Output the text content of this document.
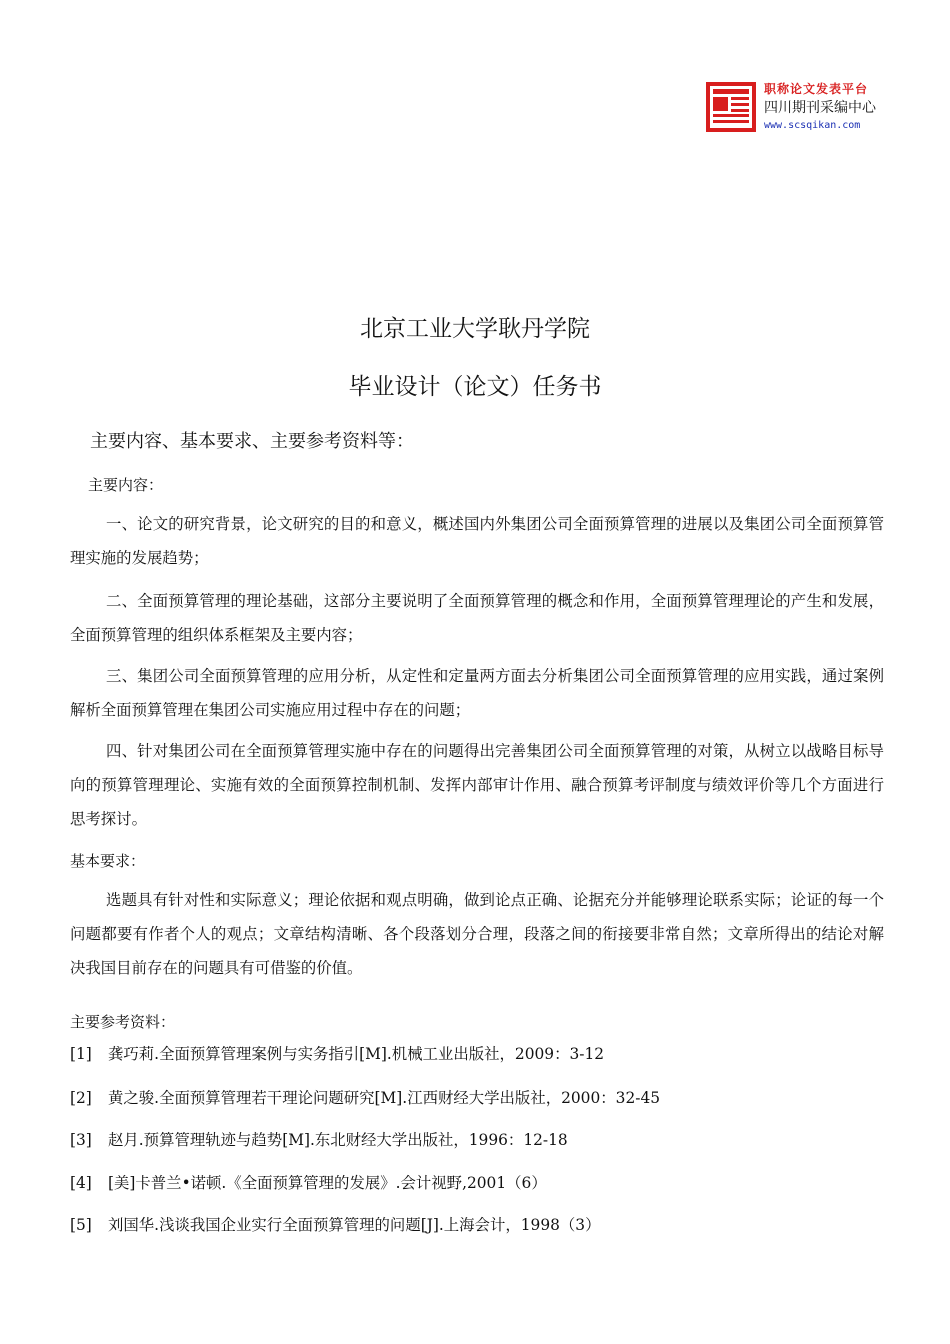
职称论文发表平台
四川期刊采编中心
www.scsqikan.com
北京工业大学耿丹学院
毕业设计（论文）任务书
主要内容、基本要求、主要参考资料等：
主要内容：

一、论文的研究背景，论文研究的目的和意义，概述国内外集团公司全面预算管理的进展以及集团公司全面预算管理实施的发展趋势；

二、全面预算管理的理论基础，这部分主要说明了全面预算管理的概念和作用，全面预算管理理论的产生和发展，全面预算管理的组织体系框架及主要内容；

三、集团公司全面预算管理的应用分析，从定性和定量两方面去分析集团公司全面预算管理的应用实践，通过案例解析全面预算管理在集团公司实施应用过程中存在的问题；

四、针对集团公司在全面预算管理实施中存在的问题得出完善集团公司全面预算管理的对策，从树立以战略目标导向的预算管理理论、实施有效的全面预算控制机制、发挥内部审计作用、融合预算考评制度与绩效评价等几个方面进行思考探讨。

基本要求：

选题具有针对性和实际意义；理论依据和观点明确，做到论点正确、论据充分并能够理论联系实际；论证的每一个问题都要有作者个人的观点；文章结构清晰、各个段落划分合理，段落之间的衔接要非常自然；文章所得出的结论对解决我国目前存在的问题具有可借鉴的价值。

主要参考资料：
[1] 龚巧莉.全面预算管理案例与实务指引[M].机械工业出版社，2009：3-12
[2] 黄之骏.全面预算管理若干理论问题研究[M].江西财经大学出版社，2000：32-45
[3] 赵月.预算管理轨迹与趋势[M].东北财经大学出版社，1996：12-18
[4] [美]卡普兰•诺顿.《全面预算管理的发展》.会计视野,2001（6）
[5] 刘国华.浅谈我国企业实行全面预算管理的问题[J].上海会计，1998（3）
